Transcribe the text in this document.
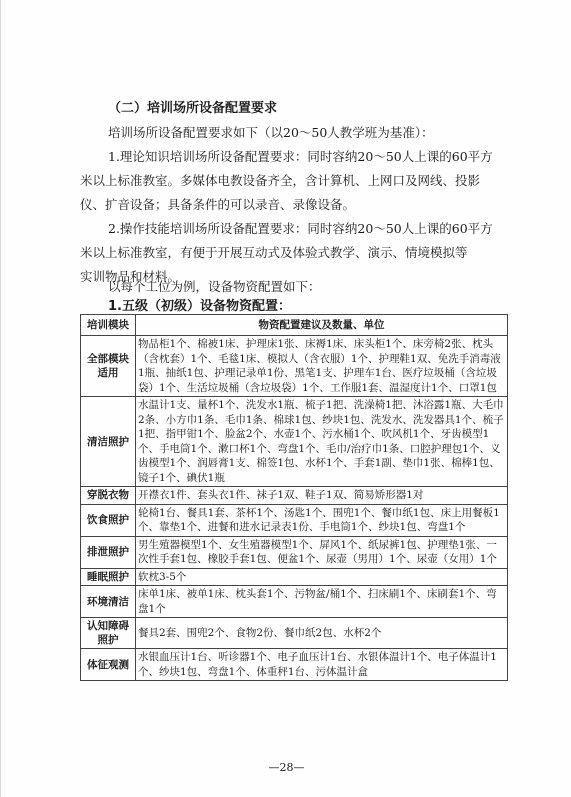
（二）培训场所设备配置要求
培训场所设备配置要求如下（以20～50人教学班为基准）：
1.理论知识培训场所设备配置要求：同时容纳20～50人上课的60平方
米以上标准教室。多媒体电教设备齐全，含计算机、上网口及网线、投影
仪、扩音设备；具备条件的可以录音、录像设备。
2.操作技能培训场所设备配置要求：同时容纳20～50人上课的60平方
米以上标准教室，有便于开展互动式及体验式教学、演示、情境模拟等
实训物品和材料。
以每个工位为例，设备物资配置如下：
1.五级（初级）设备物资配置：
培训模块	物资配置建议及数量、单位
全部模块适用	物品柜1个、棉被1床、护理床1张、床褥1床、床头柜1个、床旁椅2张、枕头（含枕套）1个、毛毯1床、模拟人（含衣服）1个、护理鞋1双、免洗手消毒液1瓶、抽纸1包、护理记录单1份、黑笔1支、护理车1台、医疗垃圾桶（含垃圾袋）1个、生活垃圾桶（含垃圾袋）1个、工作服1套、温湿度计1个、口罩1包
清洁照护	水温计1支、量杯1个、洗发水1瓶、梳子1把、洗澡椅1把、沐浴露1瓶、大毛巾2条、小方巾1条、毛巾1条、棉球1包、纱块1包、洗发水、洗发器具1个、梳子1把、指甲钳1个、脸盆2个、水壶1个、污水桶1个、吹风机1个、牙齿模型1个、手电筒1个、漱口杯1个、弯盘1个、毛巾/治疗巾1条、口腔护理包1个、义齿模型1个、润唇膏1支、棉签1包、水杯1个、手套1副、垫巾1张、棉棒1包、镜子1个、碘伏1瓶
穿脱衣物	开襟衣1件、套头衣1件、袜子1双、鞋子1双、简易矫形器1对
饮食照护	轮椅1台、餐具1套、茶杯1个、汤匙1个、围兜1个、餐巾纸1包、床上用餐板1个、靠垫1个、进餐和进水记录表1份、手电筒1个、纱块1包、弯盘1个
排泄照护	男生殖器模型1个、女生殖器模型1个、屏风1个、纸尿裤1包、护理垫1张、一次性手套1包、橡胶手套1包、便盆1个、尿壶（男用）1个、尿壶（女用）1个
睡眠照护	软枕3-5个
环境清洁	床单1床、被单1床、枕头套1个、污物盆/桶1个、扫床刷1个、床刷套1个、弯盘1个
认知障碍照护	餐具2套、围兜2个、食物2份、餐巾纸2包、水杯2个
体征观测	水银血压计1台、听诊器1个、电子血压计1台、水银体温计1个、电子体温计1个、纱块1包、弯盘1个、体重秤1台、污体温计盒
—28—
